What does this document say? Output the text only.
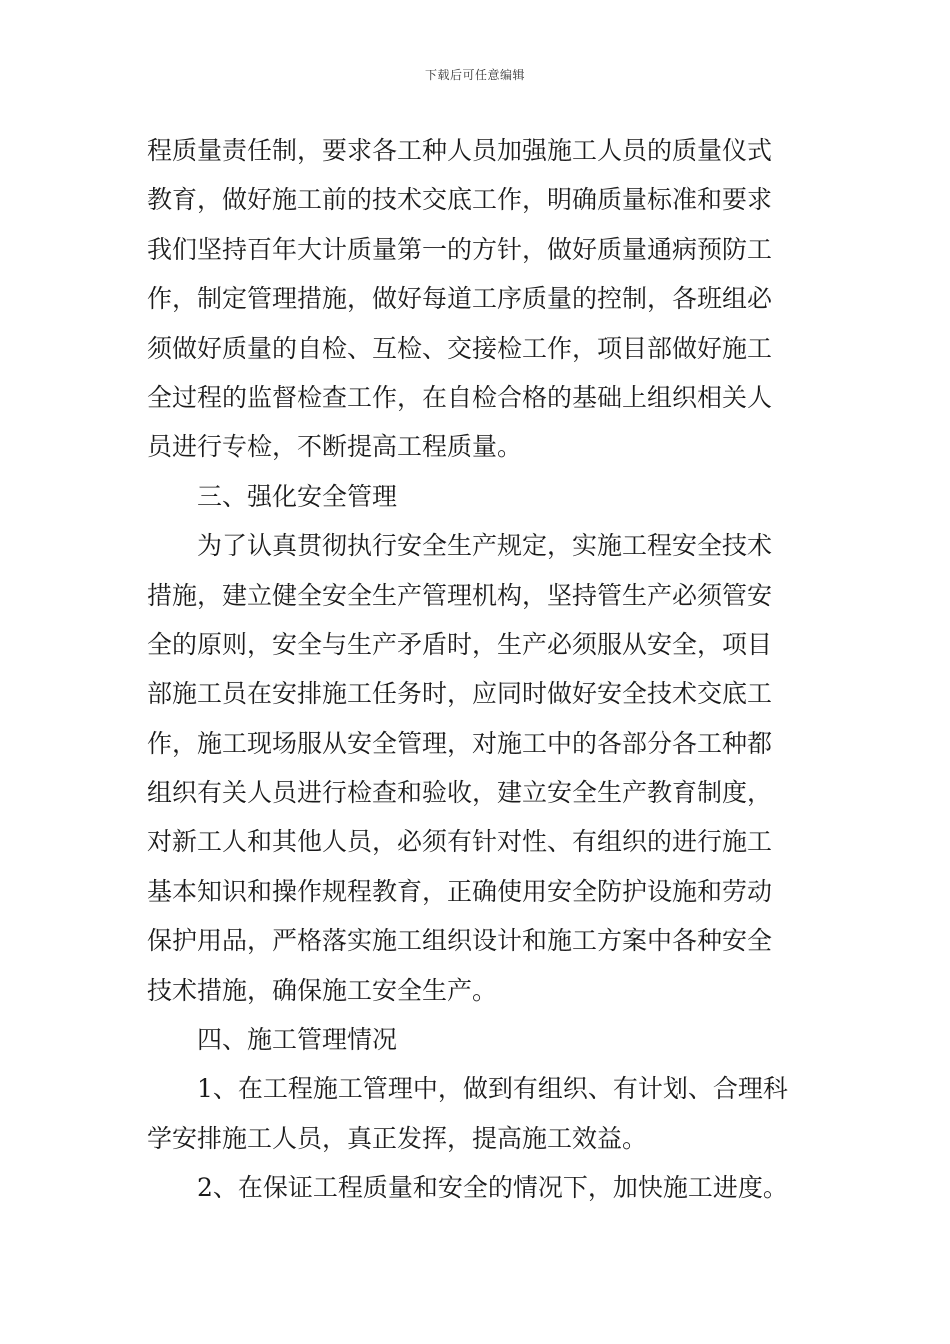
下载后可任意编辑
程质量责任制，要求各工种人员加强施工人员的质量仪式
教育，做好施工前的技术交底工作，明确质量标准和要求
我们坚持百年大计质量第一的方针，做好质量通病预防工
作，制定管理措施，做好每道工序质量的控制，各班组必
须做好质量的自检、互检、交接检工作，项目部做好施工
全过程的监督检查工作，在自检合格的基础上组织相关人
员进行专检，不断提高工程质量。
三、强化安全管理
为了认真贯彻执行安全生产规定，实施工程安全技术
措施，建立健全安全生产管理机构，坚持管生产必须管安
全的原则，安全与生产矛盾时，生产必须服从安全，项目
部施工员在安排施工任务时，应同时做好安全技术交底工
作，施工现场服从安全管理，对施工中的各部分各工种都
组织有关人员进行检查和验收，建立安全生产教育制度，
对新工人和其他人员，必须有针对性、有组织的进行施工
基本知识和操作规程教育，正确使用安全防护设施和劳动
保护用品，严格落实施工组织设计和施工方案中各种安全
技术措施，确保施工安全生产。
四、施工管理情况
1、在工程施工管理中，做到有组织、有计划、合理科
学安排施工人员，真正发挥，提高施工效益。
2、在保证工程质量和安全的情况下，加快施工进度。
